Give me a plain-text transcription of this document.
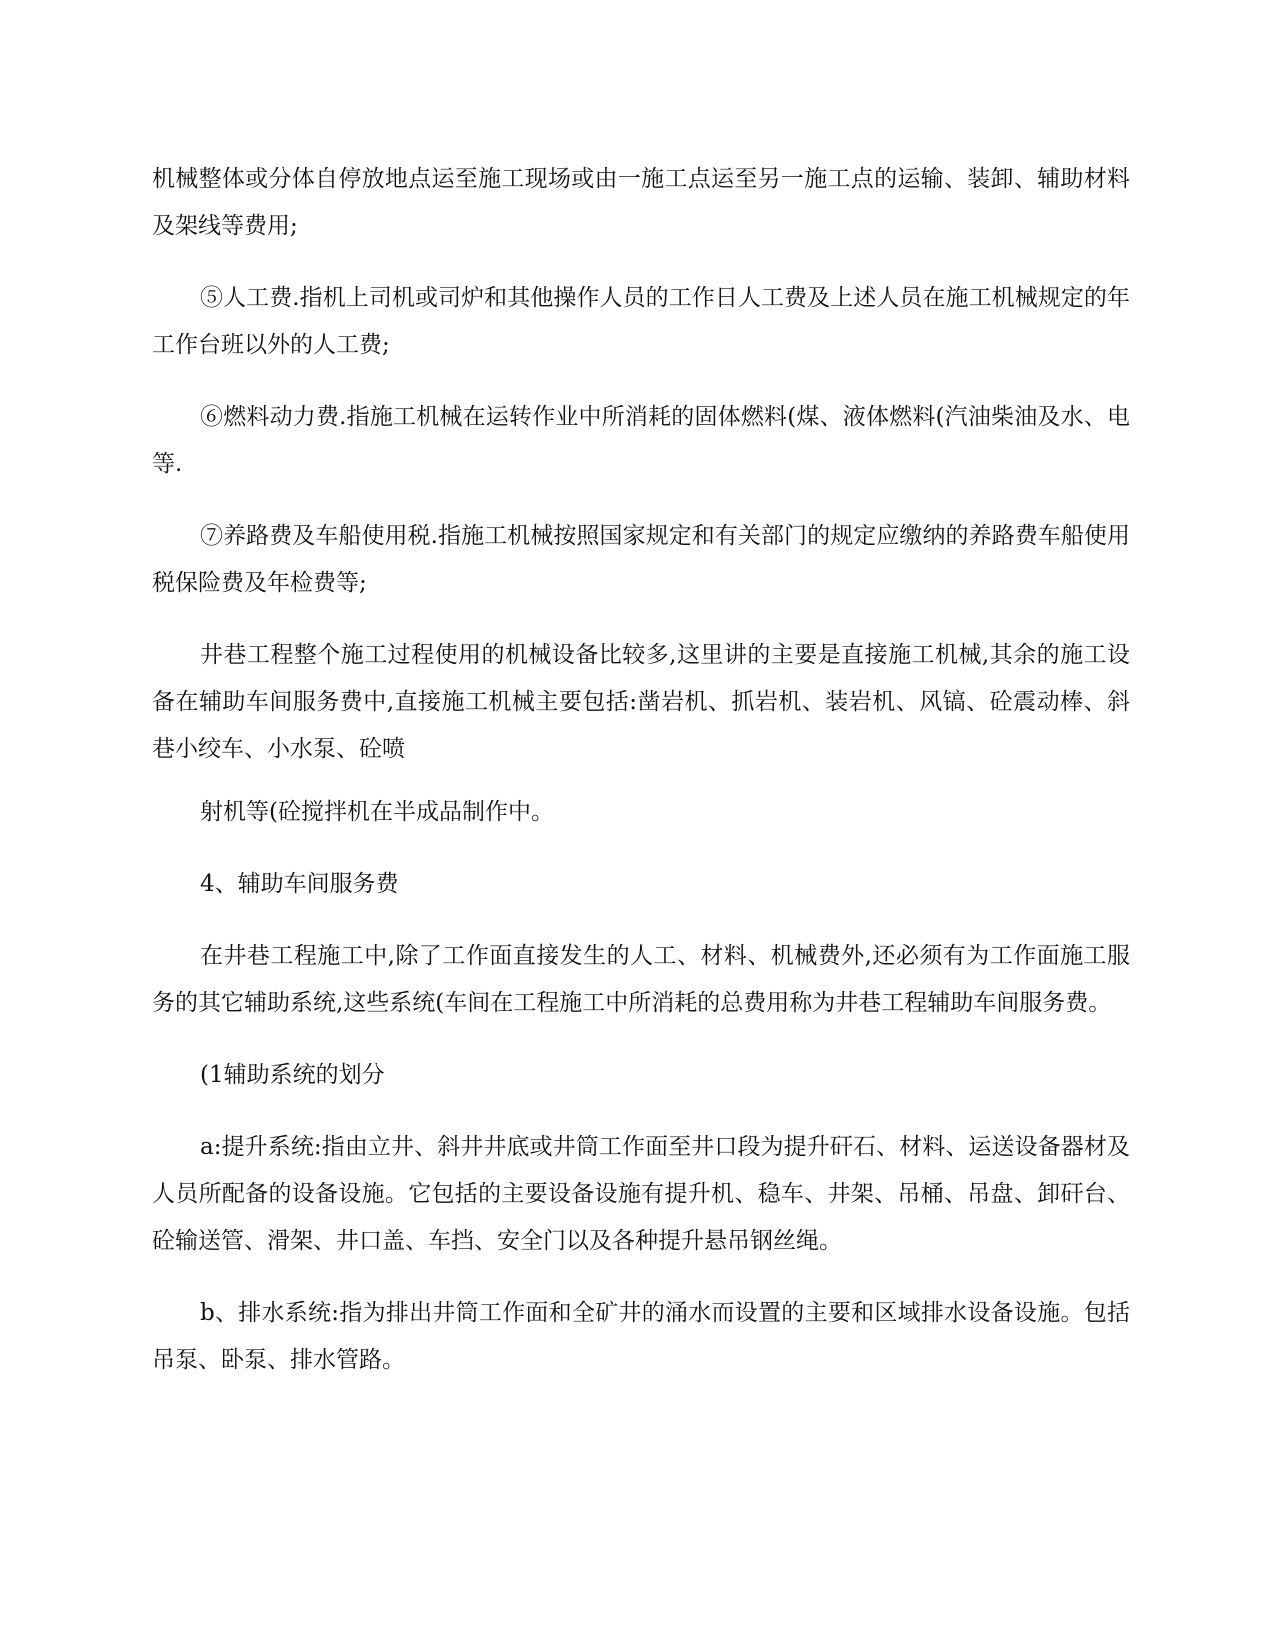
机械整体或分体自停放地点运至施工现场或由一施工点运至另一施工点的运输、装卸、辅助材料及架线等费用;

⑤人工费.指机上司机或司炉和其他操作人员的工作日人工费及上述人员在施工机械规定的年工作台班以外的人工费;

⑥燃料动力费.指施工机械在运转作业中所消耗的固体燃料(煤、液体燃料(汽油柴油及水、电等.

⑦养路费及车船使用税.指施工机械按照国家规定和有关部门的规定应缴纳的养路费车船使用税保险费及年检费等;

井巷工程整个施工过程使用的机械设备比较多,这里讲的主要是直接施工机械,其余的施工设备在辅助车间服务费中,直接施工机械主要包括:凿岩机、抓岩机、装岩机、风镐、砼震动棒、斜巷小绞车、小水泵、砼喷

射机等(砼搅拌机在半成品制作中。

4、辅助车间服务费

在井巷工程施工中,除了工作面直接发生的人工、材料、机械费外,还必须有为工作面施工服务的其它辅助系统,这些系统(车间在工程施工中所消耗的总费用称为井巷工程辅助车间服务费。

(1辅助系统的划分

a:提升系统:指由立井、斜井井底或井筒工作面至井口段为提升矸石、材料、运送设备器材及人员所配备的设备设施。它包括的主要设备设施有提升机、稳车、井架、吊桶、吊盘、卸矸台、砼输送管、滑架、井口盖、车挡、安全门以及各种提升悬吊钢丝绳。

b、排水系统:指为排出井筒工作面和全矿井的涌水而设置的主要和区域排水设备设施。包括吊泵、卧泵、排水管路。
